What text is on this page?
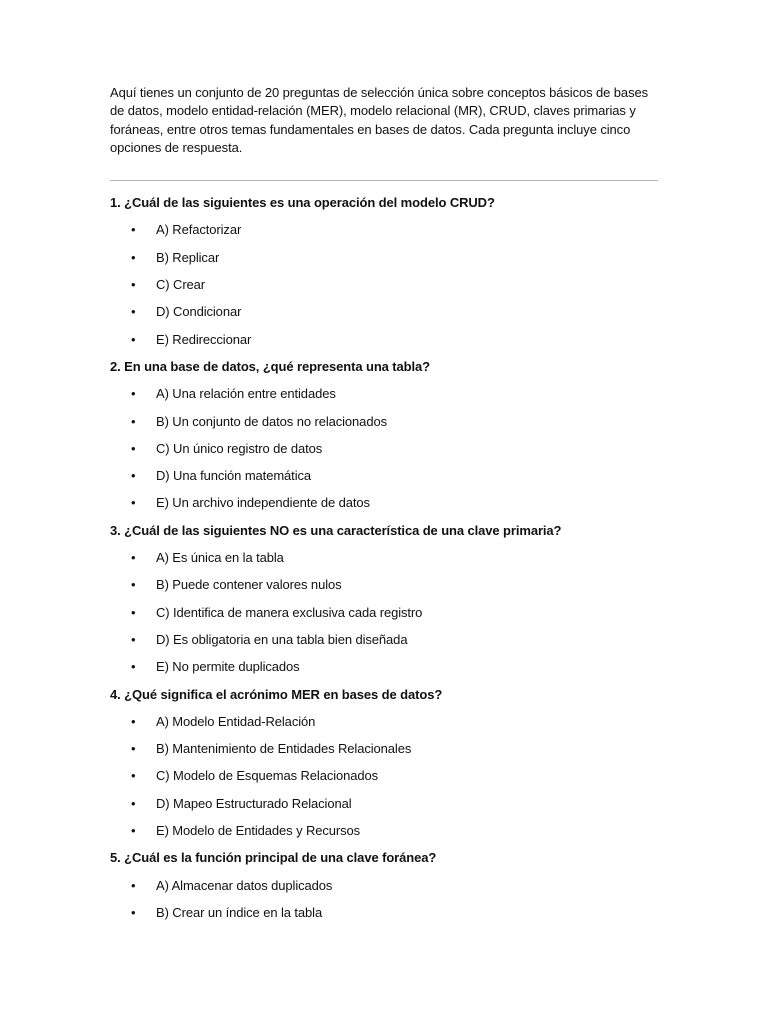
Aquí tienes un conjunto de 20 preguntas de selección única sobre conceptos básicos de bases de datos, modelo entidad-relación (MER), modelo relacional (MR), CRUD, claves primarias y foráneas, entre otros temas fundamentales en bases de datos. Cada pregunta incluye cinco opciones de respuesta.

1. ¿Cuál de las siguientes es una operación del modelo CRUD?

• A) Refactorizar
• B) Replicar
• C) Crear
• D) Condicionar
• E) Redireccionar

2. En una base de datos, ¿qué representa una tabla?

• A) Una relación entre entidades
• B) Un conjunto de datos no relacionados
• C) Un único registro de datos
• D) Una función matemática
• E) Un archivo independiente de datos

3. ¿Cuál de las siguientes NO es una característica de una clave primaria?

• A) Es única en la tabla
• B) Puede contener valores nulos
• C) Identifica de manera exclusiva cada registro
• D) Es obligatoria en una tabla bien diseñada
• E) No permite duplicados

4. ¿Qué significa el acrónimo MER en bases de datos?

• A) Modelo Entidad-Relación
• B) Mantenimiento de Entidades Relacionales
• C) Modelo de Esquemas Relacionados
• D) Mapeo Estructurado Relacional
• E) Modelo de Entidades y Recursos

5. ¿Cuál es la función principal de una clave foránea?

• A) Almacenar datos duplicados
• B) Crear un índice en la tabla
